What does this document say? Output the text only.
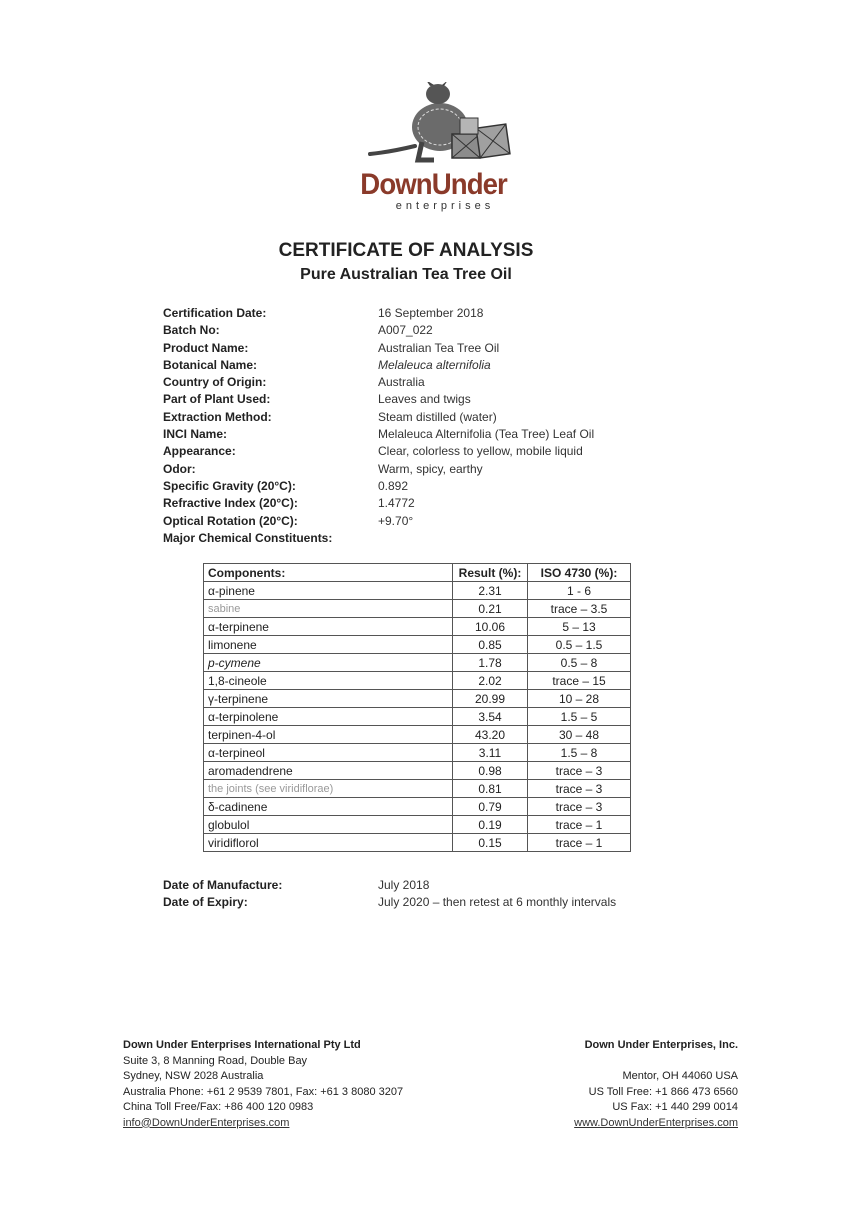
DownUnder
enterprises
CERTIFICATE OF ANALYSIS
Pure Australian Tea Tree Oil
Certification Date:	16 September 2018
Batch No:	A007_022
Product Name:	Australian Tea Tree Oil
Botanical Name:	Melaleuca alternifolia
Country of Origin:	Australia
Part of Plant Used:	Leaves and twigs
Extraction Method:	Steam distilled (water)
INCI Name:	Melaleuca Alternifolia (Tea Tree) Leaf Oil
Appearance:	Clear, colorless to yellow, mobile liquid
Odor:	Warm, spicy, earthy
Specific Gravity (20°C):	0.892
Refractive Index (20°C):	1.4772
Optical Rotation (20°C):	+9.70°
Major Chemical Constituents:
Components:	Result (%):	ISO 4730 (%):
α-pinene	2.31	1 - 6
sabine	0.21	trace – 3.5
α-terpinene	10.06	5 – 13
limonene	0.85	0.5 – 1.5
p-cymene	1.78	0.5 – 8
1,8-cineole	2.02	trace – 15
γ-terpinene	20.99	10 – 28
α-terpinolene	3.54	1.5 – 5
terpinen-4-ol	43.20	30 – 48
α-terpineol	3.11	1.5 – 8
aromadendrene	0.98	trace – 3
the joints (see viridiflorae)	0.81	trace – 3
δ-cadinene	0.79	trace – 3
globulol	0.19	trace – 1
viridiflorol	0.15	trace – 1
Date of Manufacture:	July 2018
Date of Expiry:	July 2020 – then retest at 6 monthly intervals
Down Under Enterprises International Pty Ltd
Suite 3, 8 Manning Road, Double Bay
Sydney, NSW 2028 Australia
Australia Phone: +61 2 9539 7801, Fax: +61 3 8080 3207
China Toll Free/Fax: +86 400 120 0983
info@DownUnderEnterprises.com
Down Under Enterprises, Inc.
Mentor, OH 44060 USA
US Toll Free: +1 866 473 6560
US Fax: +1 440 299 0014
www.DownUnderEnterprises.com
